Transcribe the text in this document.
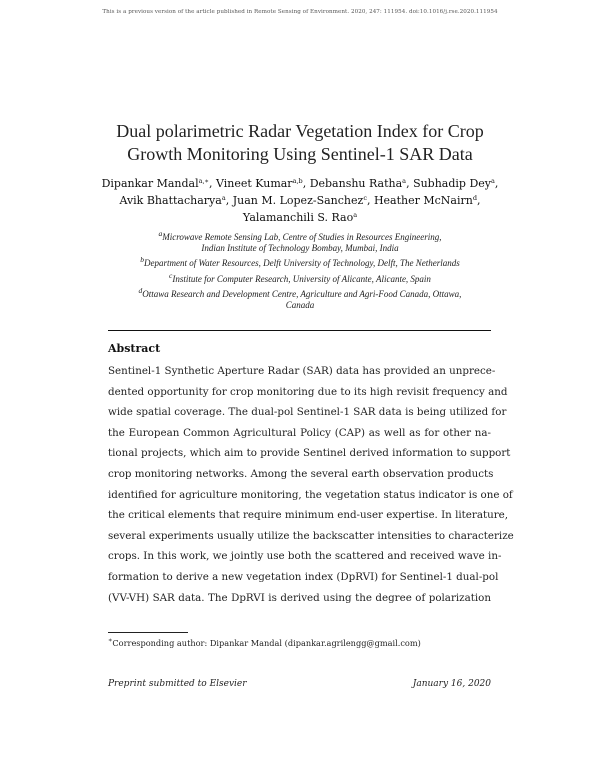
This is a previous version of the article published in Remote Sensing of Environment. 2020, 247: 111954. doi:10.1016/j.rse.2020.111954
Dual polarimetric Radar Vegetation Index for Crop
Growth Monitoring Using Sentinel-1 SAR Data
Dipankar Mandal$^{a,∗}$, Vineet Kumar$^{a,b}$, Debanshu Ratha$^a$, Subhadip Dey$^a$,
Avik Bhattacharya$^a$, Juan M. Lopez-Sanchez$^c$, Heather McNairn$^d$,
Yalamanchili S. Rao$^a$
$^a$Microwave Remote Sensing Lab, Centre of Studies in Resources Engineering,
Indian Institute of Technology Bombay, Mumbai, India
$^b$Department of Water Resources, Delft University of Technology, Delft, The Netherlands
$^c$Institute for Computer Research, University of Alicante, Alicante, Spain
$^d$Ottawa Research and Development Centre, Agriculture and Agri-Food Canada, Ottawa,
Canada
Abstract
Sentinel-1 Synthetic Aperture Radar (SAR) data has provided an unprece-
dented opportunity for crop monitoring due to its high revisit frequency and
wide spatial coverage. The dual-pol Sentinel-1 SAR data is being utilized for
the European Common Agricultural Policy (CAP) as well as for other na-
tional projects, which aim to provide Sentinel derived information to support
crop monitoring networks. Among the several earth observation products
identified for agriculture monitoring, the vegetation status indicator is one of
the critical elements that require minimum end-user expertise. In literature,
several experiments usually utilize the backscatter intensities to characterize
crops. In this work, we jointly use both the scattered and received wave in-
formation to derive a new vegetation index (DpRVI) for Sentinel-1 dual-pol
(VV-VH) SAR data. The DpRVI is derived using the degree of polarization
∗Corresponding author: Dipankar Mandal (dipankar.agrilengg@gmail.com)
Preprint submitted to Elsevier	January 16, 2020
